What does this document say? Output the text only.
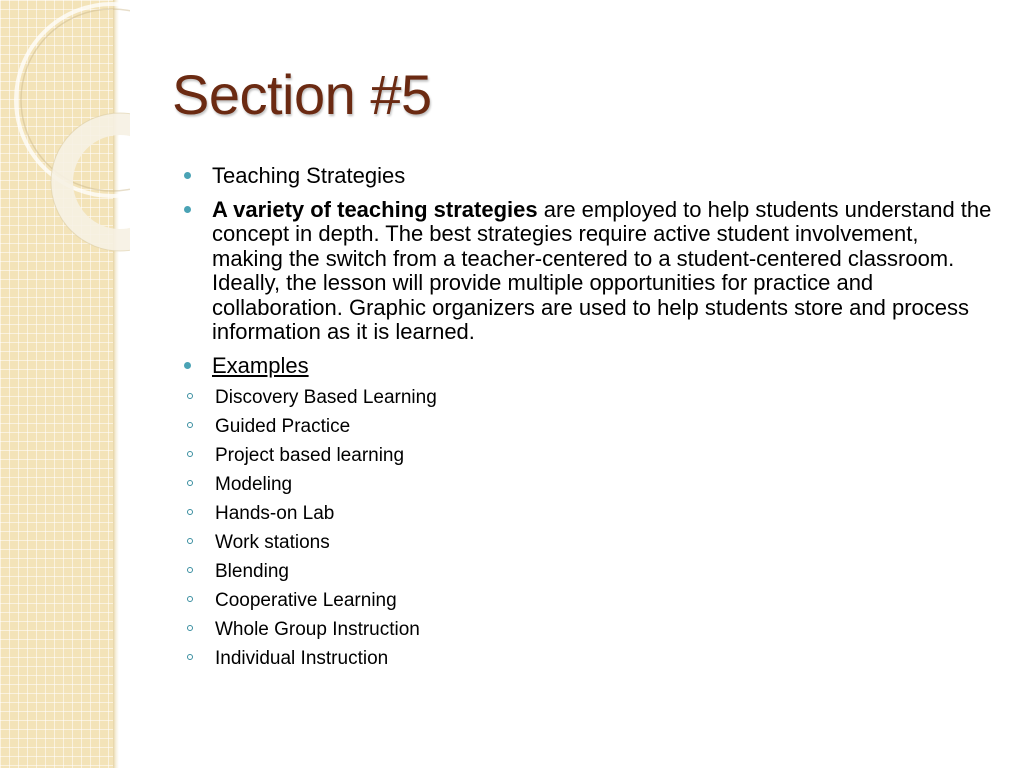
Section #5
Teaching Strategies
A variety of teaching strategies are employed to help students understand the concept in depth. The best strategies require active student involvement, making the switch from a teacher-centered to a student-centered classroom. Ideally, the lesson will provide multiple opportunities for practice and collaboration. Graphic organizers are used to help students store and process information as it is learned.
Examples
Discovery Based Learning
Guided Practice
Project based learning
Modeling
Hands-on Lab
Work stations
Blending
Cooperative Learning
Whole Group Instruction
Individual Instruction
